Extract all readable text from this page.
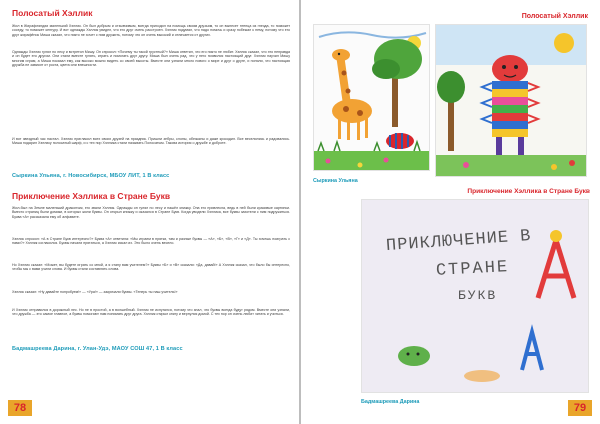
Полосатый Хэллик
Жил в Жирафляндии маленький Хэллик. Он был добрым и отзывчивым, всегда приходил на помощь своим друзьям, то он вынесет птенца из гнезда, то поможет соседу, то поможет кенгуру. И вот однажды Хэллик увидел, что его друг очень расстроен. Хэллик подумал, что надо помочь и сразу побежал к нему, потому что его друг жирафёнок Миша сказал, что никто не хочет с ним дружить, потому что он очень высокий и отличается от других.
Однажды Хэллик гулял по лесу и встретил Мишу. Он спросил: «Почему ты такой грустный?» Миша ответил, что его никто не любит. Хэллик сказал, что это неправда и он будет его другом. Они стали вместе гулять, играть и помогать друг другу. Миша был очень рад, что у него появился настоящий друг. Хэллик научил Мишу многим играм, а Миша показал ему, как высоко можно видеть со своей высоты. Вместе они узнали много нового о мире и друг о друге, и поняли, что настоящая дружба не зависит от роста, цвета или внешности.
И вот звездный час настал. Хэллик пригласил всех своих друзей на праздник. Пришли зебры, слоны, обезьяны и даже крокодил. Все веселились и радовались. Миша подарил Хэллику полосатый шарф, и с тех пор Хэллика стали называть Полосатым. Такова история о дружбе и доброте.
Сыркина Ульяна, г. Новосибирск, МБОУ ЛИТ, 1 В класс
Приключение Хэллика в Стране Букв
Жил-был на Земле маленький дракончик, его звали Хэллик. Однажды он гулял по лесу и нашёл книжку. Она его привлекла, ведь в ней были красивые картинки. Вместо страниц были домики, в которых жили буквы. Он открыл книжку и оказался в Стране Букв. Когда увидели Хэллика, все буквы захотели с ним подружиться. Буква «А» рассказала ему об алфавите.
Хэллик спросил: «А в Стране Букв интересно?» Буква «А» ответила: «Мы играем в прятки, там и разные буквы — «А», «Б», «В», «Г» и «Д». Ты хочешь поиграть с нами?» Хэллик согласился. Буквы начали прятаться, а Хэллик искал их. Это было очень весело.
Но Хэллик сказал: «Может, вы будете играть со мной, а я стану вам учителем?» Буквы «Б» и «В» сказали: «Да, давай!» А Хэллик сказал, что было бы интересно, чтобы мы с вами учили слова. И буквы стали составлять слова.
Хэллик сказал: «Ну давайте попробуем!» — «Ура!» — закричали буквы. «Теперь ты наш учитель!»
И Хэллик отправился в дорожный лес. Но не в простой, а в волшебный. Хэллик не испугался, потому что знал, что буквы всегда будут рядом. Вместе они узнали, что дружба — это самое главное, а буквы помогают нам понимать друг друга. Хэллик открыл книгу и вернулся домой. С тех пор он очень любит читать и учиться.
Бадмашреева Дарина, г. Улан-Удэ, МАОУ СОШ 47, 1 В класс
78
Полосатый Хэллик
Сыркина Ульяна
Приключение Хэллика в Стране Букв
ПРИКЛЮЧЕНИЕ В
СТРАНЕ
БУКВ
Бадмашреева Дарина	79
